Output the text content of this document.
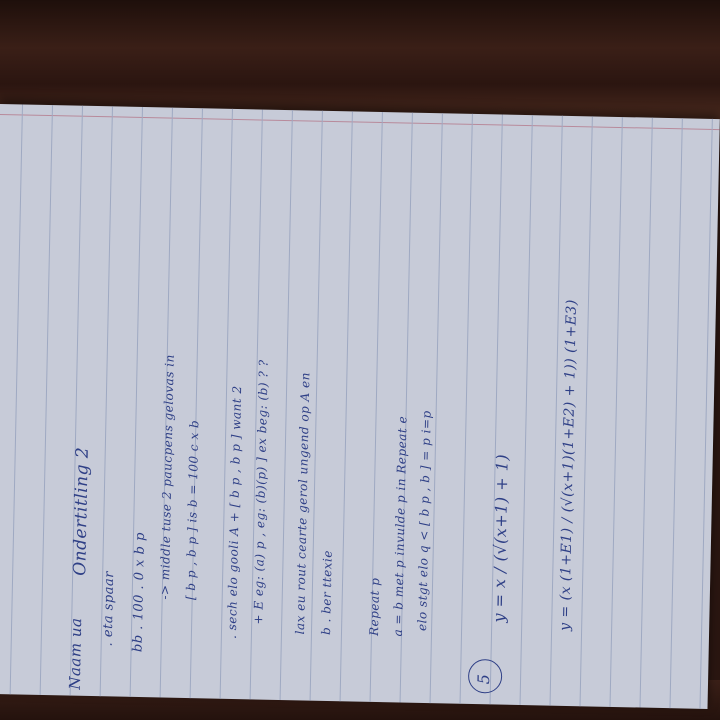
Naam ua
Ondertitling 2
. eta spaar bb . 100 . 0 x b p -> middle tuse 2 paucpens gelovas in [ b p , b p ] is b = 100 c x b . sech elo gooli A + [ b p , b p ] want 2 + E eg: (a) p , eg: (b)(p) ] ex beg: (b) ? ? lax eu rout cearte gerol ungend op A en b . ber ttexie	Repeat p a = b met p invulde p in Repeat e elo stgt elo q < [ b p , b ] = p i=p
5
y = x / (√(x+1) + 1)	y = (x (1+E1) / (√(x+1)(1+E2) + 1)) (1+E3)
